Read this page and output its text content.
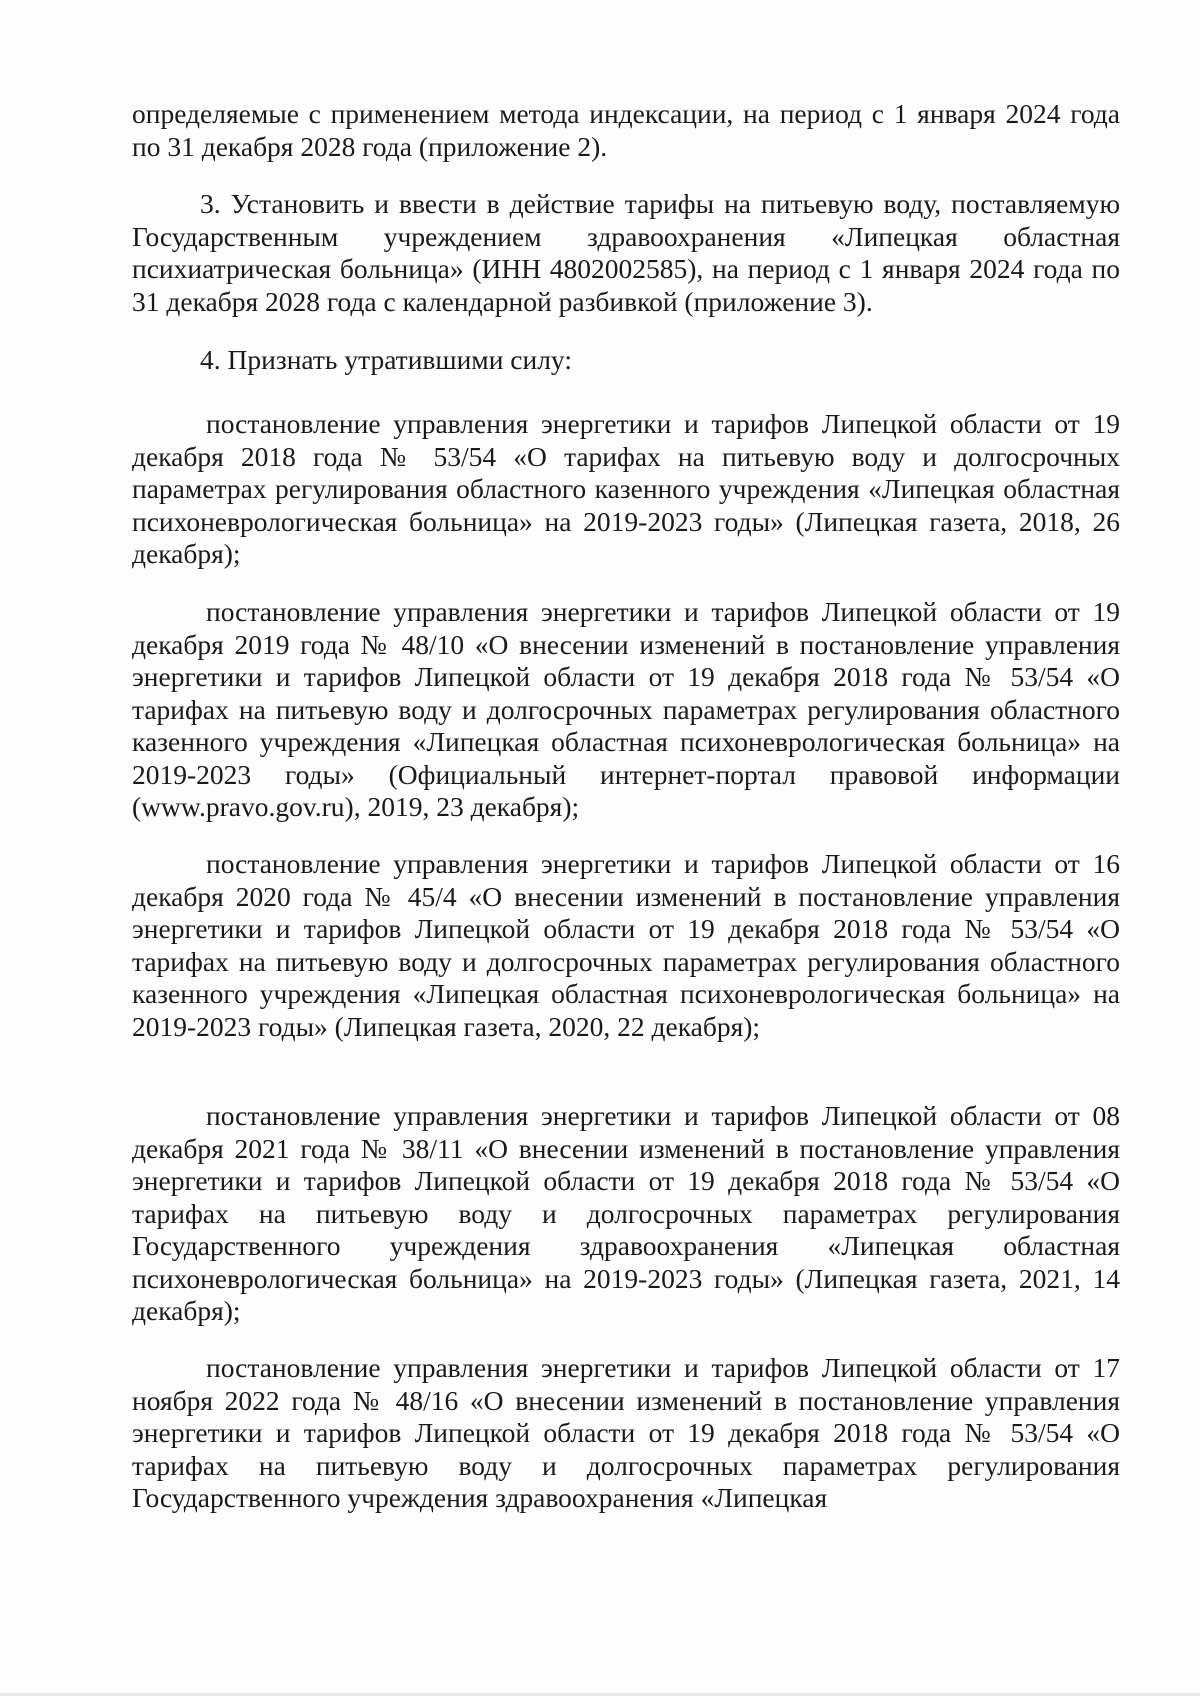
определяемые с применением метода индексации, на период с 1 января 2024 года по 31 декабря 2028 года (приложение 2).

3. Установить и ввести в действие тарифы на питьевую воду, поставляемую Государственным учреждением здравоохранения «Липецкая областная психиатрическая больница» (ИНН 4802002585), на период с 1 января 2024 года по 31 декабря 2028 года с календарной разбивкой (приложение 3).

4. Признать утратившими силу:

постановление управления энергетики и тарифов Липецкой области от 19 декабря 2018 года № 53/54 «О тарифах на питьевую воду и долгосрочных параметрах регулирования областного казенного учреждения «Липецкая областная психоневрологическая больница» на 2019-2023 годы» (Липецкая газета, 2018, 26 декабря);

постановление управления энергетики и тарифов Липецкой области от 19 декабря 2019 года № 48/10 «О внесении изменений в постановление управления энергетики и тарифов Липецкой области от 19 декабря 2018 года № 53/54 «О тарифах на питьевую воду и долгосрочных параметрах регулирования областного казенного учреждения «Липецкая областная психоневрологическая больница» на 2019-2023 годы» (Официальный интернет-портал правовой информации (www.pravo.gov.ru), 2019, 23 декабря);

постановление управления энергетики и тарифов Липецкой области от 16 декабря 2020 года № 45/4 «О внесении изменений в постановление управления энергетики и тарифов Липецкой области от 19 декабря 2018 года № 53/54 «О тарифах на питьевую воду и долгосрочных параметрах регулирования областного казенного учреждения «Липецкая областная психоневрологическая больница» на 2019-2023 годы» (Липецкая газета, 2020, 22 декабря);

постановление управления энергетики и тарифов Липецкой области от 08 декабря 2021 года № 38/11 «О внесении изменений в постановление управления энергетики и тарифов Липецкой области от 19 декабря 2018 года № 53/54 «О тарифах на питьевую воду и долгосрочных параметрах регулирования Государственного учреждения здравоохранения «Липецкая областная психоневрологическая больница» на 2019-2023 годы» (Липецкая газета, 2021, 14 декабря);

постановление управления энергетики и тарифов Липецкой области от 17 ноября 2022 года № 48/16 «О внесении изменений в постановление управления энергетики и тарифов Липецкой области от 19 декабря 2018 года № 53/54 «О тарифах на питьевую воду и долгосрочных параметрах регулирования Государственного учреждения здравоохранения «Липецкая
